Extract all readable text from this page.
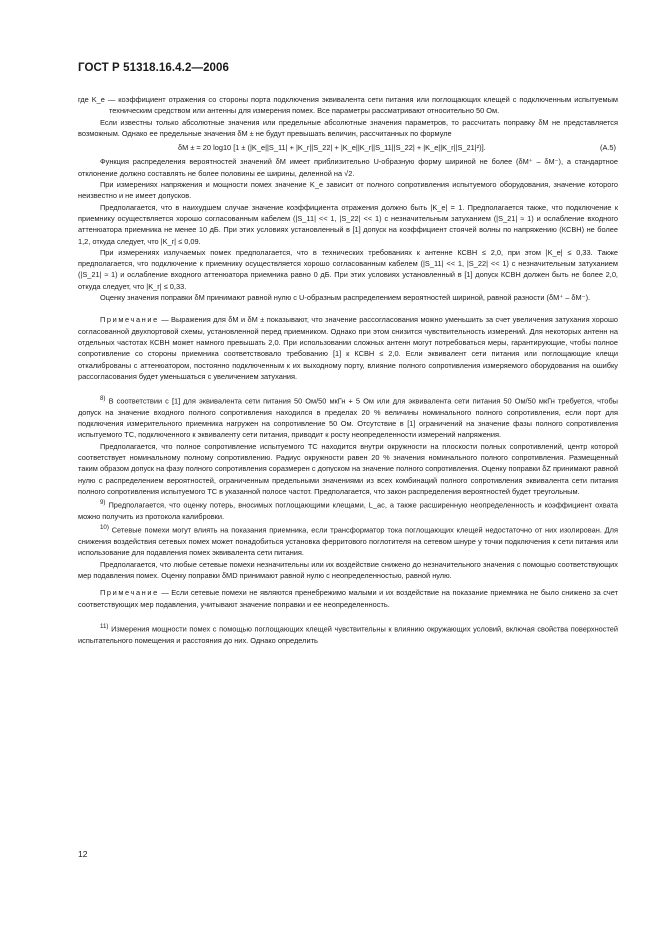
ГОСТ Р 51318.16.4.2—2006

где K_e — коэффициент отражения со стороны порта подключения эквивалента сети питания или поглощающих клещей с подключенным испытуемым техническим средством или антенны для измерения помех. Все параметры рассматривают относительно 50 Ом.

Если известны только абсолютные значения или предельные абсолютные значения параметров, то рассчитать поправку δM не представляется возможным. Однако ее предельные значения δM ± не будут превышать величин, рассчитанных по формуле

δM ± = 20 log10 [1 ± (|K_e||S_11| + |K_r||S_22| + |K_e||K_r||S_11||S_22| + |K_e||K_r||S_21|²)].	(А.5)

Функция распределения вероятностей значений δM имеет приблизительно U-образную форму шириной не более (δM⁺ – δM⁻), а стандартное отклонение должно составлять не более половины ее ширины, деленной на √2.

При измерениях напряжения и мощности помех значение K_e зависит от полного сопротивления испытуемого оборудования, значение которого неизвестно и не имеет допусков.

Предполагается, что в наихудшем случае значение коэффициента отражения должно быть |K_e| = 1. Предполагается также, что подключение к приемнику осуществляется хорошо согласованным кабелем (|S_11| << 1, |S_22| << 1) с незначительным затуханием (|S_21| ≈ 1) и ослабление входного аттенюатора приемника не менее 10 дБ. При этих условиях установленный в [1] допуск на коэффициент стоячей волны по напряжению (КСВН) не более 1,2, откуда следует, что |K_r| ≤ 0,09.

При измерениях излучаемых помех предполагается, что в технических требованиях к антенне КСВН ≤ 2,0, при этом |K_e| ≤ 0,33. Также предполагается, что подключение к приемнику осуществляется хорошо согласованным кабелем (|S_11| << 1, |S_22| << 1) с незначительным затуханием (|S_21| ≈ 1) и ослабление входного аттенюатора приемника равно 0 дБ. При этих условиях установленный в [1] допуск КСВН должен быть не более 2,0, откуда следует, что |K_r| ≤ 0,33.

Оценку значения поправки δM принимают равной нулю с U-образным распределением вероятностей шириной, равной разности (δM⁺ – δM⁻).

Примечание — Выражения для δM и δM ± показывают, что значение рассогласования можно уменьшить за счет увеличения затухания хорошо согласованной двухпортовой схемы, установленной перед приемником. Однако при этом снизится чувствительность измерений. Для некоторых антенн на отдельных частотах КСВН может намного превышать 2,0. При использовании сложных антенн могут потребоваться меры, гарантирующие, чтобы полное сопротивление со стороны приемника соответствовало требованию [1] к КСВН ≤ 2,0. Если эквивалент сети питания или поглощающие клещи откалиброваны с аттенюатором, постоянно подключенным к их выходному порту, влияние полного сопротивления измеряемого оборудования на ошибку рассогласования будет уменьшаться с увеличением затухания.

$^{8)}$ В соответствии с [1] для эквивалента сети питания 50 Ом/50 мкГн + 5 Ом или для эквивалента сети питания 50 Ом/50 мкГн требуется, чтобы допуск на значение входного полного сопротивления находился в пределах 20 % величины номинального полного сопротивления, если порт для подключения измерительного приемника нагружен на сопротивление 50 Ом. Отсутствие в [1] ограничений на значение фазы полного сопротивления испытуемого ТС, подключенного к эквиваленту сети питания, приводит к росту неопределенности измерений напряжения.

Предполагается, что полное сопротивление испытуемого ТС находится внутри окружности на плоскости полных сопротивлений, центр которой соответствует номинальному полному сопротивлению. Радиус окружности равен 20 % значения номинального полного сопротивления. Размещенный таким образом допуск на фазу полного сопротивления соразмерен с допуском на значение полного сопротивления. Оценку поправки δZ принимают равной нулю с распределением вероятностей, ограниченным предельными значениями из всех комбинаций полного сопротивления эквивалента сети питания полного сопротивления испытуемого ТС в указанной полосе частот. Предполагается, что закон распределения вероятностей будет треугольным.

$^{9)}$ Предполагается, что оценку потерь, вносимых поглощающими клещами, L_ac, а также расширенную неопределенность и коэффициент охвата можно получить из протокола калибровки.

$^{10)}$ Сетевые помехи могут влиять на показания приемника, если трансформатор тока поглощающих клещей недостаточно от них изолирован. Для снижения воздействия сетевых помех может понадобиться установка ферритового поглотителя на сетевом шнуре у точки подключения к сети питания или использование для подавления помех эквивалента сети питания.

Предполагается, что любые сетевые помехи незначительны или их воздействие снижено до незначительного значения с помощью соответствующих мер подавления помех. Оценку поправки δMD принимают равной нулю с неопределенностью, равной нулю.

Примечание — Если сетевые помехи не являются пренебрежимо малыми и их воздействие на показание приемника не было снижено за счет соответствующих мер подавления, учитывают значение поправки и ее неопределенность.

$^{11)}$ Измерения мощности помех с помощью поглощающих клещей чувствительны к влиянию окружающих условий, включая свойства поверхностей испытательного помещения и расстояния до них. Однако определить

12
